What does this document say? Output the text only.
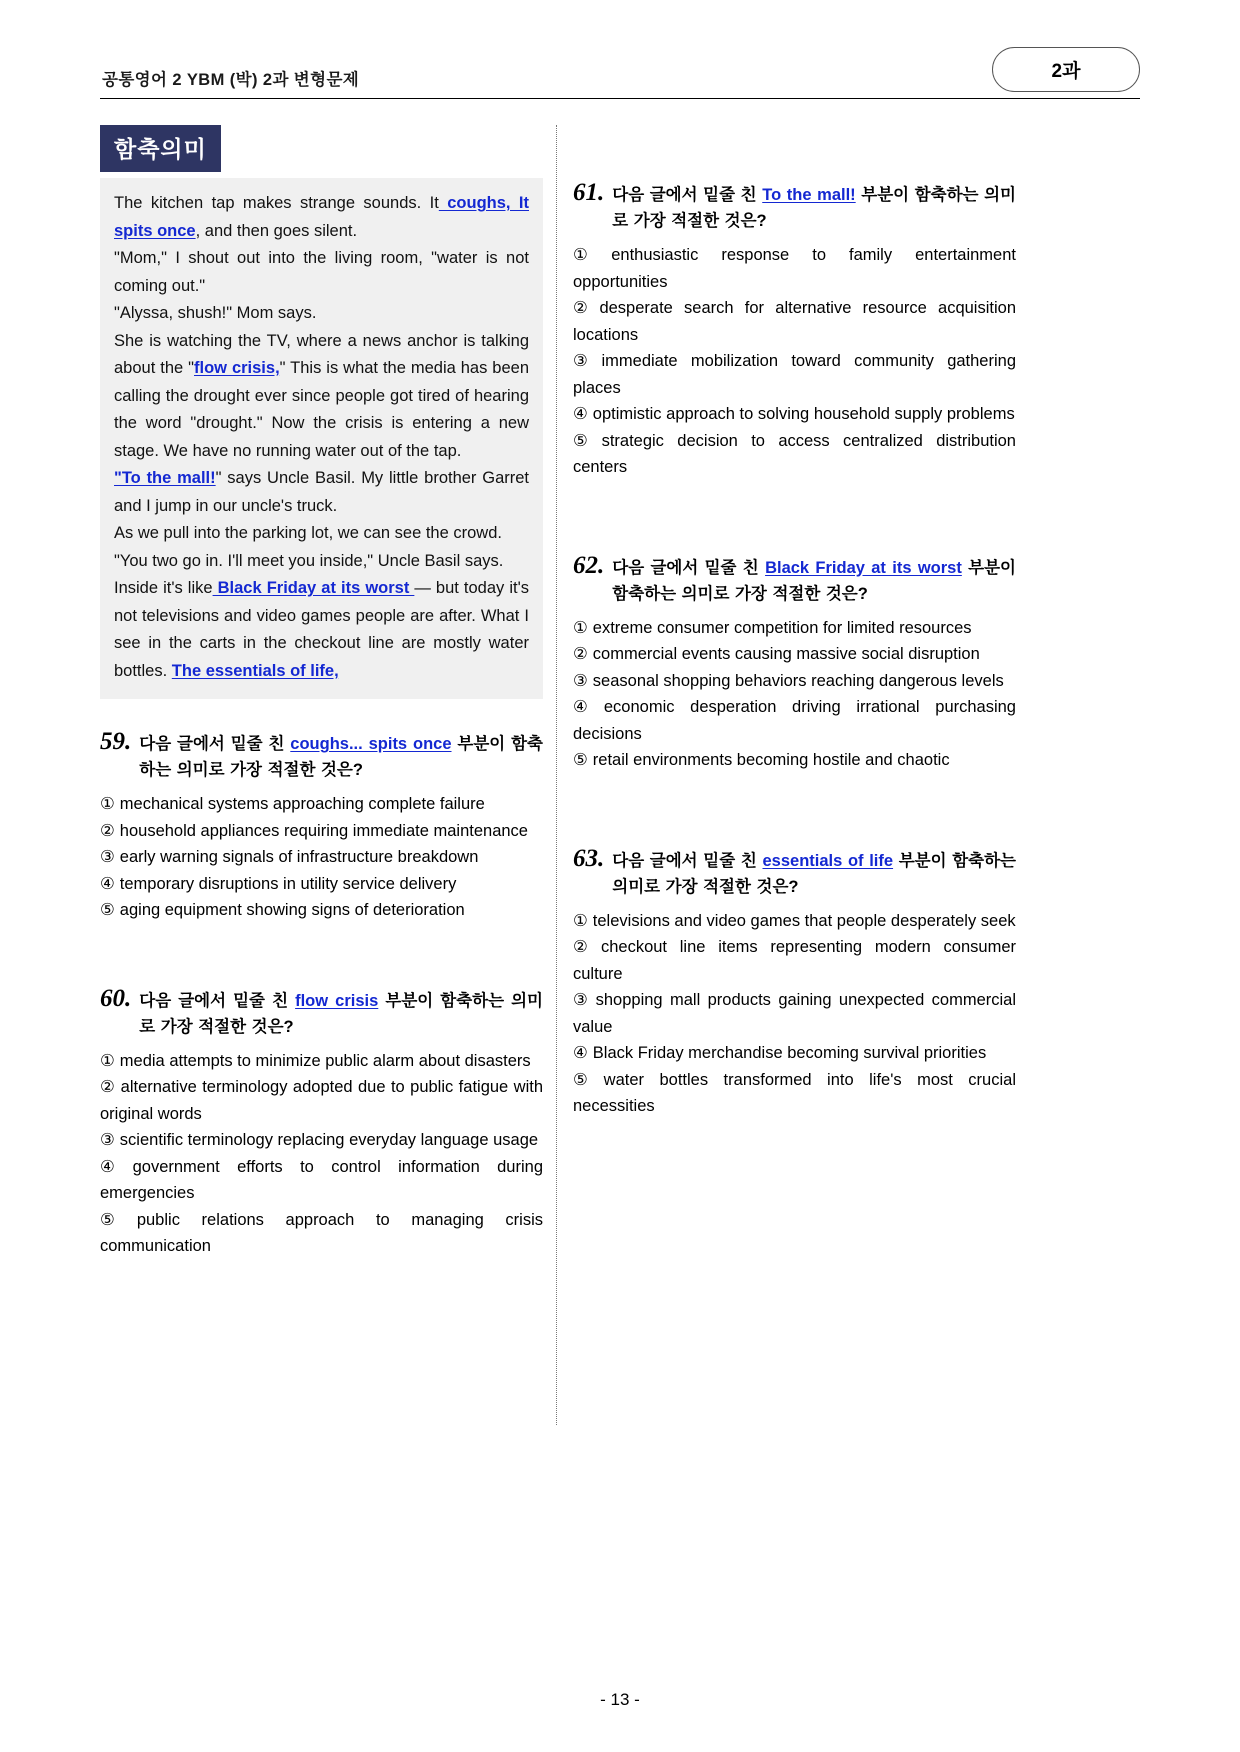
공통영어 2 YBM (박) 2과 변형문제	2과
함축의미

The kitchen tap makes strange sounds. It coughs, It spits once, and then goes silent.

"Mom," I shout out into the living room, "water is not coming out."

"Alyssa, shush!" Mom says.

She is watching the TV, where a news anchor is talking about the "flow crisis," This is what the media has been calling the drought ever since people got tired of hearing the word "drought." Now the crisis is entering a new stage. We have no running water out of the tap.

"To the mall!" says Uncle Basil. My little brother Garret and I jump in our uncle's truck.

As we pull into the parking lot, we can see the crowd.

"You two go in. I'll meet you inside," Uncle Basil says.

Inside it's like Black Friday at its worst — but today it's not televisions and video games people are after. What I see in the carts in the checkout line are mostly water bottles. The essentials of life,

59. 다음 글에서 밑줄 친 coughs... spits once 부분이 함축하는 의미로 가장 적절한 것은?

① mechanical systems approaching complete failure

② household appliances requiring immediate maintenance

③ early warning signals of infrastructure breakdown

④ temporary disruptions in utility service delivery

⑤ aging equipment showing signs of deterioration

60. 다음 글에서 밑줄 친 flow crisis 부분이 함축하는 의미로 가장 적절한 것은?

① media attempts to minimize public alarm about disasters

② alternative terminology adopted due to public fatigue with original words

③ scientific terminology replacing everyday language usage

④ government efforts to control information during emergencies

⑤ public relations approach to managing crisis communication

61. 다음 글에서 밑줄 친 To the mall! 부분이 함축하는 의미로 가장 적절한 것은?

① enthusiastic response to family entertainment opportunities

② desperate search for alternative resource acquisition locations

③ immediate mobilization toward community gathering places

④ optimistic approach to solving household supply problems

⑤ strategic decision to access centralized distribution centers

62. 다음 글에서 밑줄 친 Black Friday at its worst 부분이 함축하는 의미로 가장 적절한 것은?

① extreme consumer competition for limited resources

② commercial events causing massive social disruption

③ seasonal shopping behaviors reaching dangerous levels

④ economic desperation driving irrational purchasing decisions

⑤ retail environments becoming hostile and chaotic

63. 다음 글에서 밑줄 친 essentials of life 부분이 함축하는 의미로 가장 적절한 것은?

① televisions and video games that people desperately seek

② checkout line items representing modern consumer culture

③ shopping mall products gaining unexpected commercial value

④ Black Friday merchandise becoming survival priorities

⑤ water bottles transformed into life's most crucial necessities

- 13 -
